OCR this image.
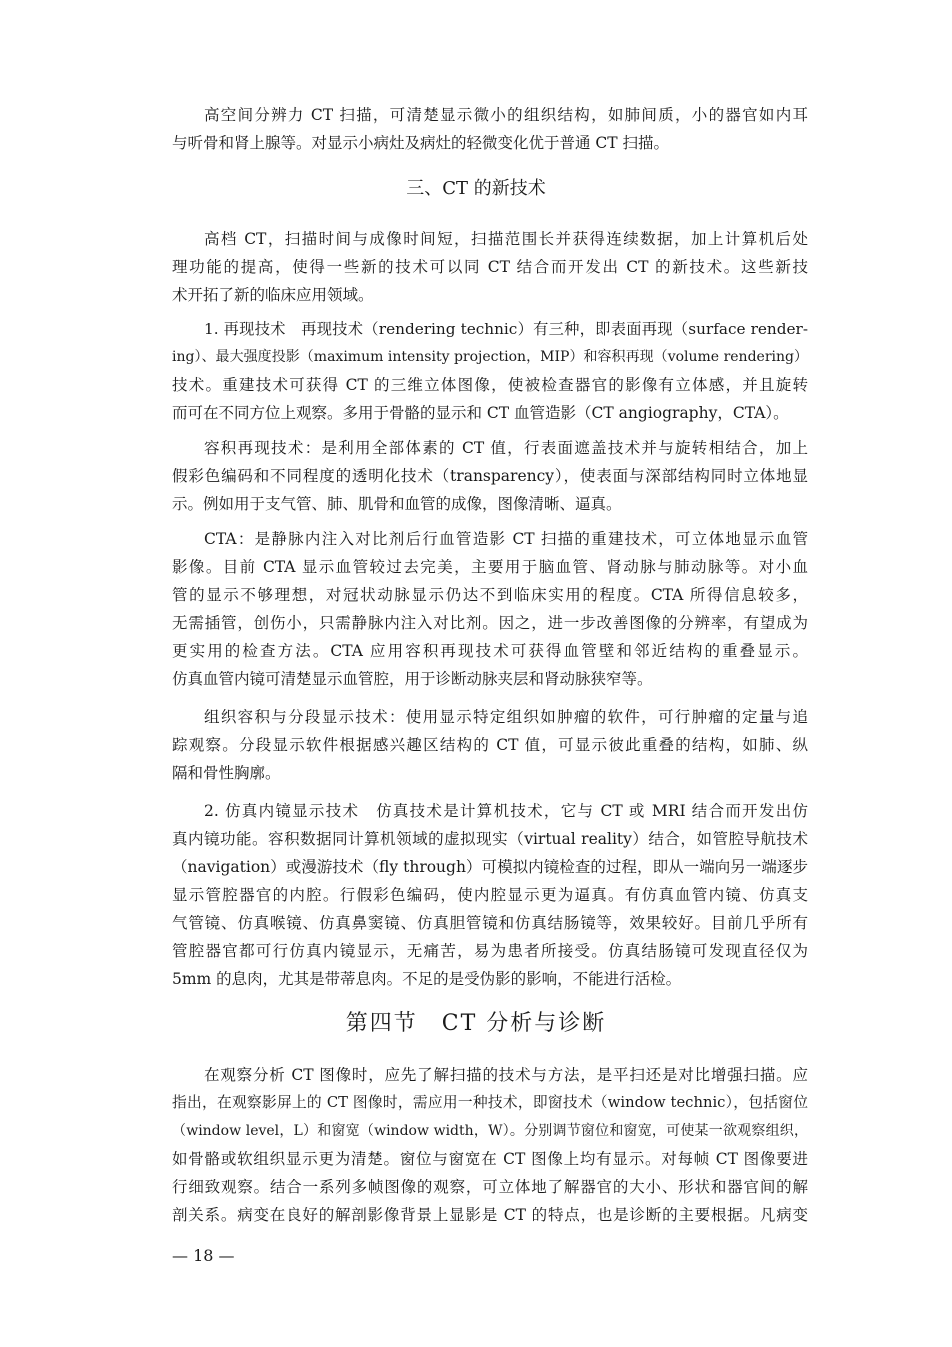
高空间分辨力 CT 扫描，可清楚显示微小的组织结构，如肺间质，小的器官如内耳
与听骨和肾上腺等。对显示小病灶及病灶的轻微变化优于普通 CT 扫描。
三、CT 的新技术
高档 CT，扫描时间与成像时间短，扫描范围长并获得连续数据，加上计算机后处
理功能的提高，使得一些新的技术可以同 CT 结合而开发出 CT 的新技术。这些新技
术开拓了新的临床应用领域。
1. 再现技术　再现技术（rendering technic）有三种，即表面再现（surface render-
ing）、最大强度投影（maximum intensity projection，MIP）和容积再现（volume rendering）
技术。重建技术可获得 CT 的三维立体图像，使被检查器官的影像有立体感，并且旋转
而可在不同方位上观察。多用于骨骼的显示和 CT 血管造影（CT angiography，CTA）。
容积再现技术：是利用全部体素的 CT 值，行表面遮盖技术并与旋转相结合，加上
假彩色编码和不同程度的透明化技术（transparency），使表面与深部结构同时立体地显
示。例如用于支气管、肺、肌骨和血管的成像，图像清晰、逼真。
CTA：是静脉内注入对比剂后行血管造影 CT 扫描的重建技术，可立体地显示血管
影像。目前 CTA 显示血管较过去完美，主要用于脑血管、肾动脉与肺动脉等。对小血
管的显示不够理想，对冠状动脉显示仍达不到临床实用的程度。CTA 所得信息较多，
无需插管，创伤小，只需静脉内注入对比剂。因之，进一步改善图像的分辨率，有望成为
更实用的检查方法。CTA 应用容积再现技术可获得血管壁和邻近结构的重叠显示。
仿真血管内镜可清楚显示血管腔，用于诊断动脉夹层和肾动脉狭窄等。
组织容积与分段显示技术：使用显示特定组织如肿瘤的软件，可行肿瘤的定量与追
踪观察。分段显示软件根据感兴趣区结构的 CT 值，可显示彼此重叠的结构，如肺、纵
隔和骨性胸廓。
2. 仿真内镜显示技术　仿真技术是计算机技术，它与 CT 或 MRI 结合而开发出仿
真内镜功能。容积数据同计算机领域的虚拟现实（virtual reality）结合，如管腔导航技术
（navigation）或漫游技术（fly through）可模拟内镜检查的过程，即从一端向另一端逐步
显示管腔器官的内腔。行假彩色编码，使内腔显示更为逼真。有仿真血管内镜、仿真支
气管镜、仿真喉镜、仿真鼻窦镜、仿真胆管镜和仿真结肠镜等，效果较好。目前几乎所有
管腔器官都可行仿真内镜显示，无痛苦，易为患者所接受。仿真结肠镜可发现直径仅为
5mm 的息肉，尤其是带蒂息肉。不足的是受伪影的影响，不能进行活检。
第四节　CT 分析与诊断
在观察分析 CT 图像时，应先了解扫描的技术与方法，是平扫还是对比增强扫描。应
指出，在观察影屏上的 CT 图像时，需应用一种技术，即窗技术（window technic），包括窗位
（window level，L）和窗宽（window width，W）。分别调节窗位和窗宽，可使某一欲观察组织，
如骨骼或软组织显示更为清楚。窗位与窗宽在 CT 图像上均有显示。对每帧 CT 图像要进
行细致观察。结合一系列多帧图像的观察，可立体地了解器官的大小、形状和器官间的解
剖关系。病变在良好的解剖影像背景上显影是 CT 的特点，也是诊断的主要根据。凡病变
— 18 —
